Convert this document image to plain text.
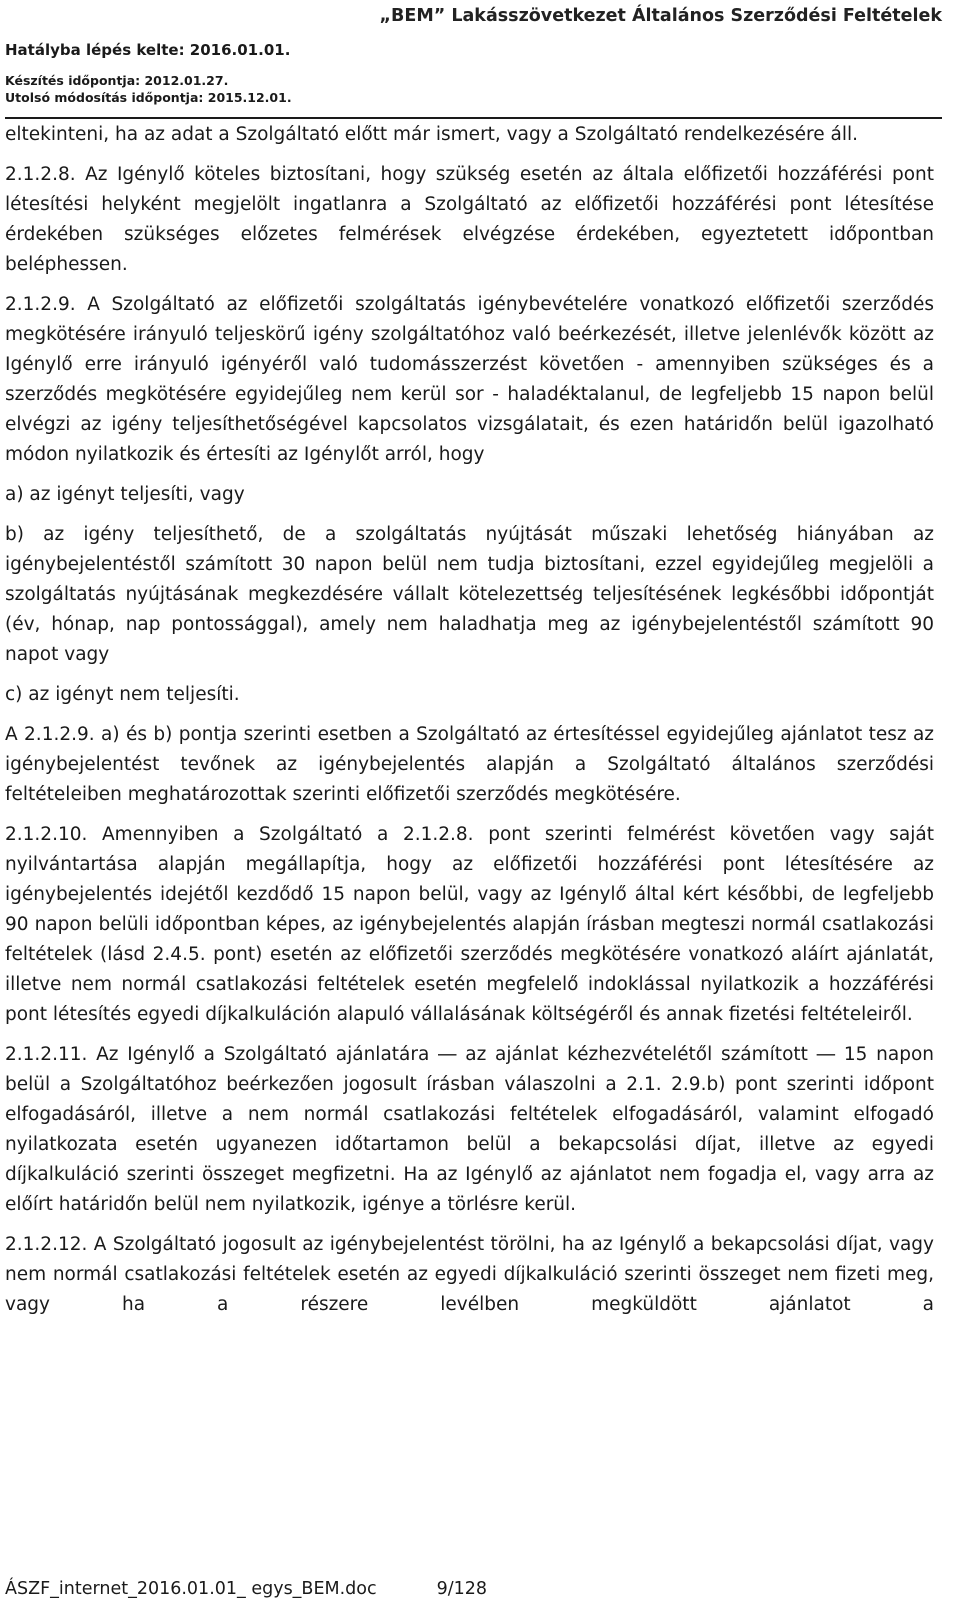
Hatályba lépés kelte: 2016.01.01.
Készítés időpontja: 2012.01.27.
Utolsó módosítás időpontja: 2015.12.01.
„BEM” Lakásszövetkezet Általános Szerződési Feltételek

eltekinteni, ha az adat a Szolgáltató előtt már ismert, vagy a Szolgáltató rendelkezésére áll.

2.1.2.8. Az Igénylő köteles biztosítani, hogy szükség esetén az általa előfizetői hozzáférési pont létesítési helyként megjelölt ingatlanra a Szolgáltató az előfizetői hozzáférési pont létesítése érdekében szükséges előzetes felmérések elvégzése érdekében, egyeztetett időpontban beléphessen.

2.1.2.9. A Szolgáltató az előfizetői szolgáltatás igénybevételére vonatkozó előfizetői szerződés megkötésére irányuló teljeskörű igény szolgáltatóhoz való beérkezését, illetve jelenlévők között az Igénylő erre irányuló igényéről való tudomásszerzést követően - amennyiben szükséges és a szerződés megkötésére egyidejűleg nem kerül sor - haladéktalanul, de legfeljebb 15 napon belül elvégzi az igény teljesíthetőségével kapcsolatos vizsgálatait, és ezen határidőn belül igazolható módon nyilatkozik és értesíti az Igénylőt arról, hogy

a) az igényt teljesíti, vagy

b) az igény teljesíthető, de a szolgáltatás nyújtását műszaki lehetőség hiányában az igénybejelentéstől számított 30 napon belül nem tudja biztosítani, ezzel egyidejűleg megjelöli a szolgáltatás nyújtásának megkezdésére vállalt kötelezettség teljesítésének legkésőbbi időpontját (év, hónap, nap pontossággal), amely nem haladhatja meg az igénybejelentéstől számított 90 napot vagy

c) az igényt nem teljesíti.

A 2.1.2.9. a) és b) pontja szerinti esetben a Szolgáltató az értesítéssel egyidejűleg ajánlatot tesz az igénybejelentést tevőnek az igénybejelentés alapján a Szolgáltató általános szerződési feltételeiben meghatározottak szerinti előfizetői szerződés megkötésére.

2.1.2.10. Amennyiben a Szolgáltató a 2.1.2.8. pont szerinti felmérést követően vagy saját nyilvántartása alapján megállapítja, hogy az előfizetői hozzáférési pont létesítésére az igénybejelentés idejétől kezdődő 15 napon belül, vagy az Igénylő által kért későbbi, de legfeljebb 90 napon belüli időpontban képes, az igénybejelentés alapján írásban megteszi normál csatlakozási feltételek (lásd 2.4.5. pont) esetén az előfizetői szerződés megkötésére vonatkozó aláírt ajánlatát, illetve nem normál csatlakozási feltételek esetén megfelelő indoklással nyilatkozik a hozzáférési pont létesítés egyedi díjkalkuláción alapuló vállalásának költségéről és annak fizetési feltételeiről.

2.1.2.11. Az Igénylő a Szolgáltató ajánlatára ― az ajánlat kézhezvételétől számított ― 15 napon belül a Szolgáltatóhoz beérkezően jogosult írásban válaszolni a 2.1. 2.9.b) pont szerinti időpont elfogadásáról, illetve a nem normál csatlakozási feltételek elfogadásáról, valamint elfogadó nyilatkozata esetén ugyanezen időtartamon belül a bekapcsolási díjat, illetve az egyedi díjkalkuláció szerinti összeget megfizetni. Ha az Igénylő az ajánlatot nem fogadja el, vagy arra az előírt határidőn belül nem nyilatkozik, igénye a törlésre kerül.

2.1.2.12. A Szolgáltató jogosult az igénybejelentést törölni, ha az Igénylő a bekapcsolási díjat, vagy nem normál csatlakozási feltételek esetén az egyedi díjkalkuláció szerinti összeget nem fizeti meg, vagy ha a részere levélben megküldött ajánlatot a

ÁSZF_internet_2016.01.01_ egys_BEM.doc	9/128
